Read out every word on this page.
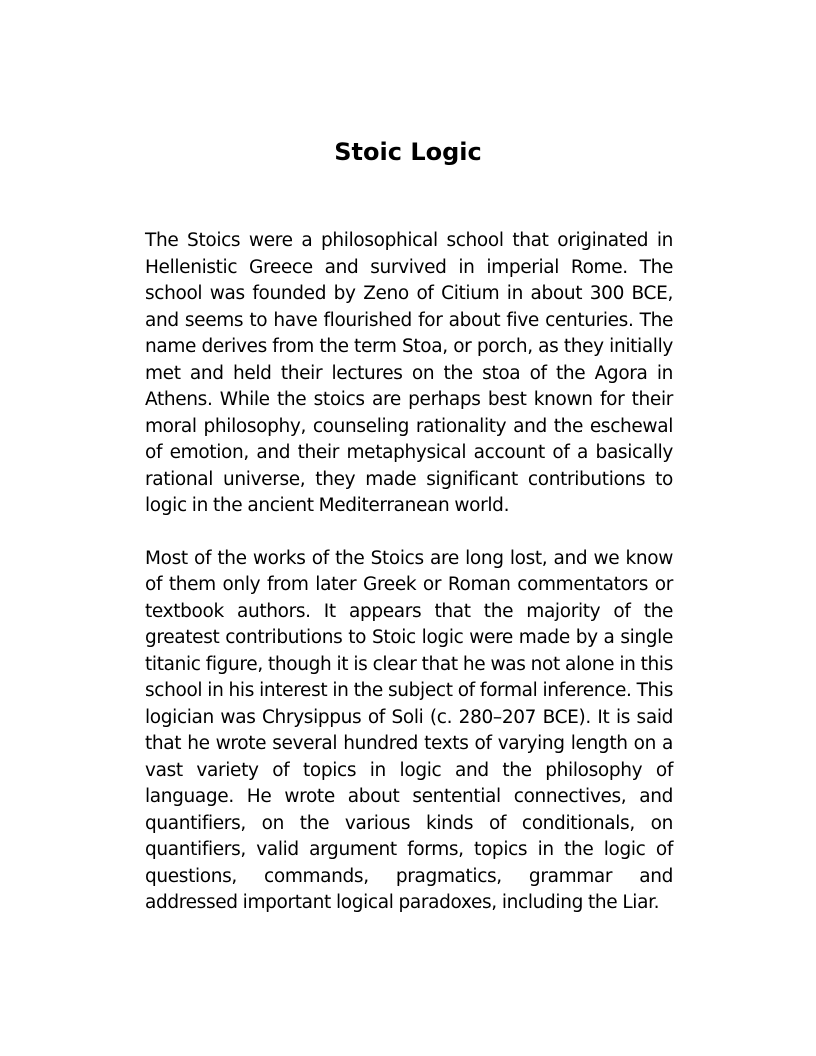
Stoic Logic

The Stoics were a philosophical school that originated in Hellenistic Greece and survived in imperial Rome. The school was founded by Zeno of Citium in about 300 BCE, and seems to have flourished for about five centuries. The name derives from the term Stoa, or porch, as they initially met and held their lectures on the stoa of the Agora in Athens. While the stoics are perhaps best known for their moral philosophy, counseling rationality and the eschewal of emotion, and their metaphysical account of a basically rational universe, they made significant contributions to logic in the ancient Mediterranean world.

Most of the works of the Stoics are long lost, and we know of them only from later Greek or Roman commentators or textbook authors. It appears that the majority of the greatest contributions to Stoic logic were made by a single titanic figure, though it is clear that he was not alone in this school in his interest in the subject of formal inference. This logician was Chrysippus of Soli (c. 280–207 BCE). It is said that he wrote several hundred texts of varying length on a vast variety of topics in logic and the philosophy of language. He wrote about sentential connectives, and quantifiers, on the various kinds of conditionals, on quantifiers, valid argument forms, topics in the logic of questions, commands, pragmatics, grammar and addressed important logical paradoxes, including the Liar.
